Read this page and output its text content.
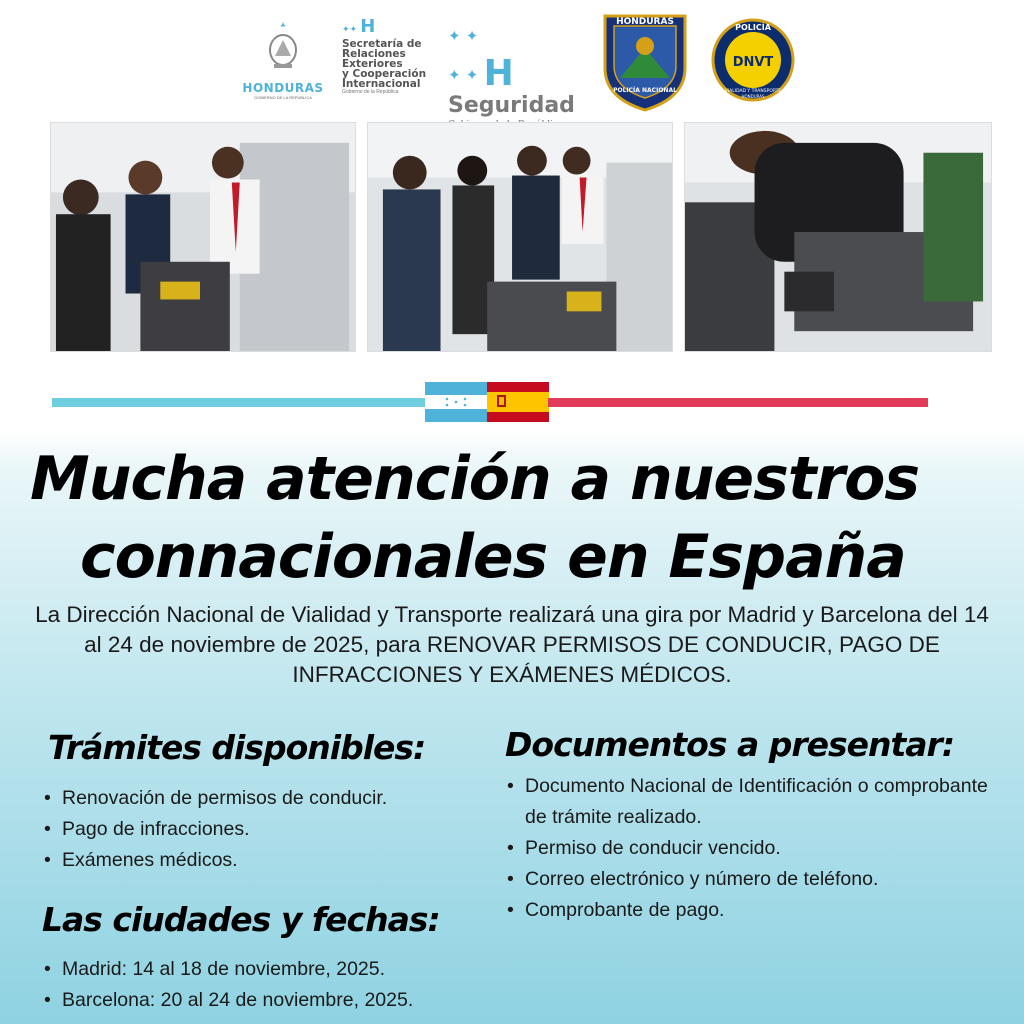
HONDURAS
GOBIERNO DE LA REPÚBLICA
✦✦ H
Secretaría de
Relaciones
Exteriores
y Cooperación
Internacional
Gobierno de la República
✦ ✦
✦ ✦ H
Seguridad
HONDURAS
POLICÍA NACIONAL
POLICÍA
DNVT
VIALIDAD Y TRANSPORTE
HONDURAS
Mucha atención a nuestros
connacionales en España

La Dirección Nacional de Vialidad y Transporte realizará una gira por Madrid y Barcelona del 14 al 24 de noviembre de 2025, para RENOVAR PERMISOS DE CONDUCIR, PAGO DE INFRACCIONES Y EXÁMENES MÉDICOS.

Trámites disponibles:
• Renovación de permisos de conducir.
• Pago de infracciones.
• Exámenes médicos.
Las ciudades y fechas:
• Madrid: 14 al 18 de noviembre, 2025.
• Barcelona: 20 al 24 de noviembre, 2025.
Documentos a presentar:
• Documento Nacional de Identificación o comprobante de trámite realizado.
• Permiso de conducir vencido.
• Correo electrónico y número de teléfono.
• Comprobante de pago.
